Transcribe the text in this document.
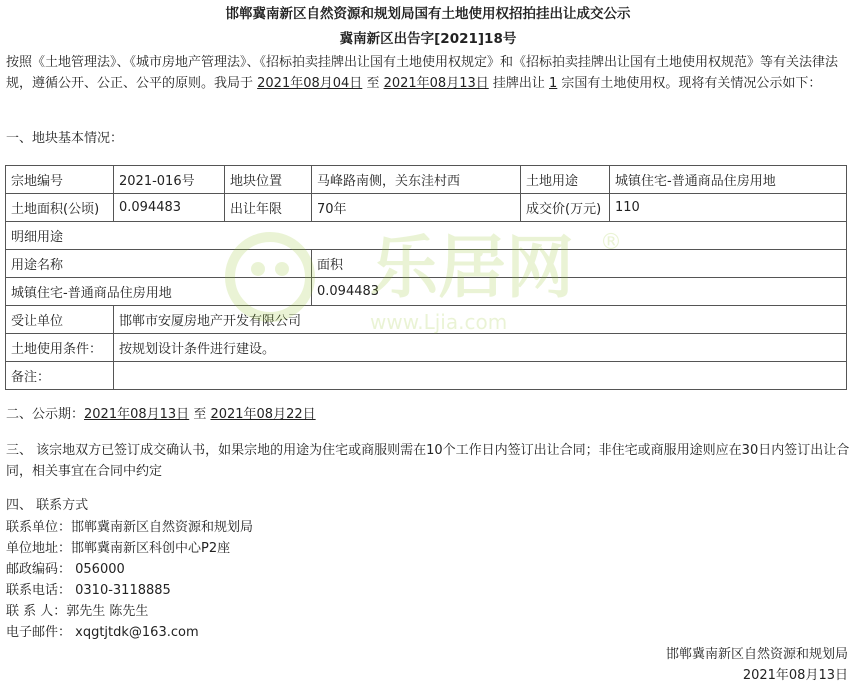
邯郸冀南新区自然资源和规划局国有土地使用权招拍挂出让成交公示
冀南新区出告字[2021]18号
按照《土地管理法》、《城市房地产管理法》、《招标拍卖挂牌出让国有土地使用权规定》和《招标拍卖挂牌出让国有土地使用权规范》等有关法律法规，遵循公开、公正、公平的原则。我局于 2021年08月04日 至 2021年08月13日 挂牌出让 1 宗国有土地使用权。现将有关情况公示如下：
一、地块基本情况：
宗地编号	2021-016号	地块位置	马峰路南侧，关东洼村西	土地用途	城镇住宅-普通商品住房用地
土地面积(公顷)	0.094483	出让年限	70年	成交价(万元)	110
明细用途					
用途名称			面积		
城镇住宅-普通商品住房用地			0.094483		
受让单位	邯郸市安厦房地产开发有限公司				
土地使用条件：	按规划设计条件进行建设。				
备注：					
乐居网
www.Ljia.com
®
二、公示期：2021年08月13日 至 2021年08月22日
三、 该宗地双方已签订成交确认书，如果宗地的用途为住宅或商服则需在10个工作日内签订出让合同；非住宅或商服用途则应在30日内签订出让合同，相关事宜在合同中约定
四、 联系方式
联系单位：邯郸冀南新区自然资源和规划局
单位地址：邯郸冀南新区科创中心P2座
邮政编码： 056000
联系电话： 0310-3118885
联 系 人：郭先生 陈先生
电子邮件： xqgtjtdk@163.com
邯郸冀南新区自然资源和规划局
2021年08月13日
